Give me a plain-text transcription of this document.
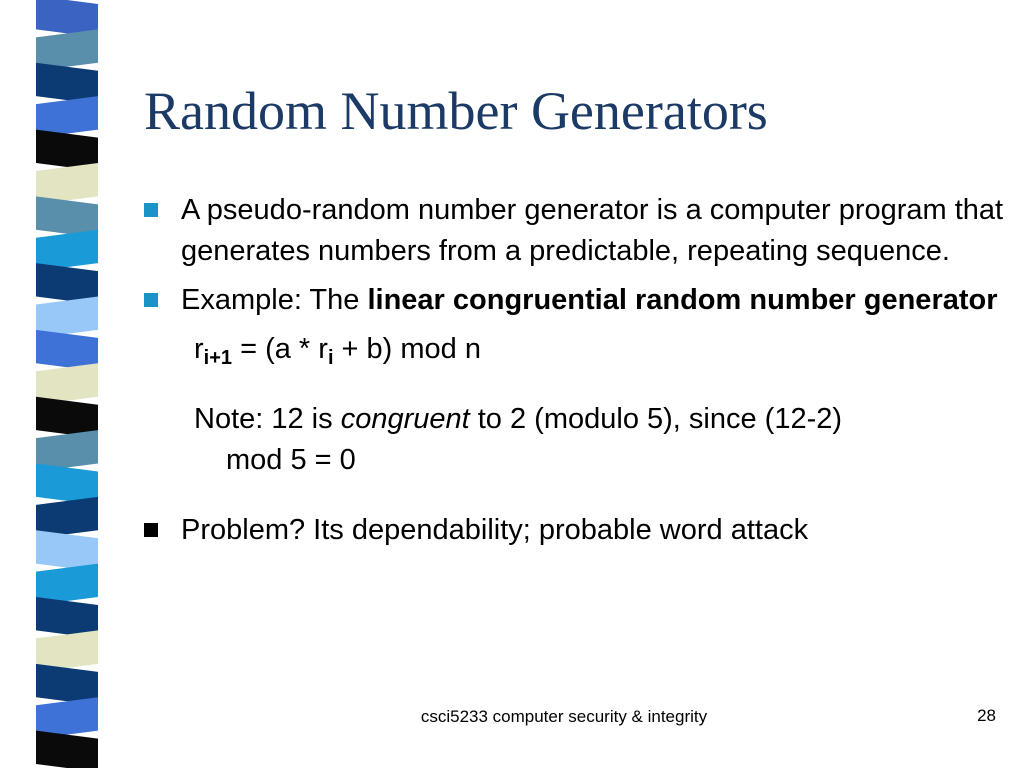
Random Number Generators

A pseudo-random number generator is a computer program that generates numbers from a predictable, repeating sequence.

Example: The linear congruential random number generator

$r_{i+1} = (a * r_i + b)$ mod n

Note: 12 is congruent to 2 (modulo 5), since (12-2)
mod 5 = 0

Problem? Its dependability; probable word attack

csci5233 computer security & integrity	28
